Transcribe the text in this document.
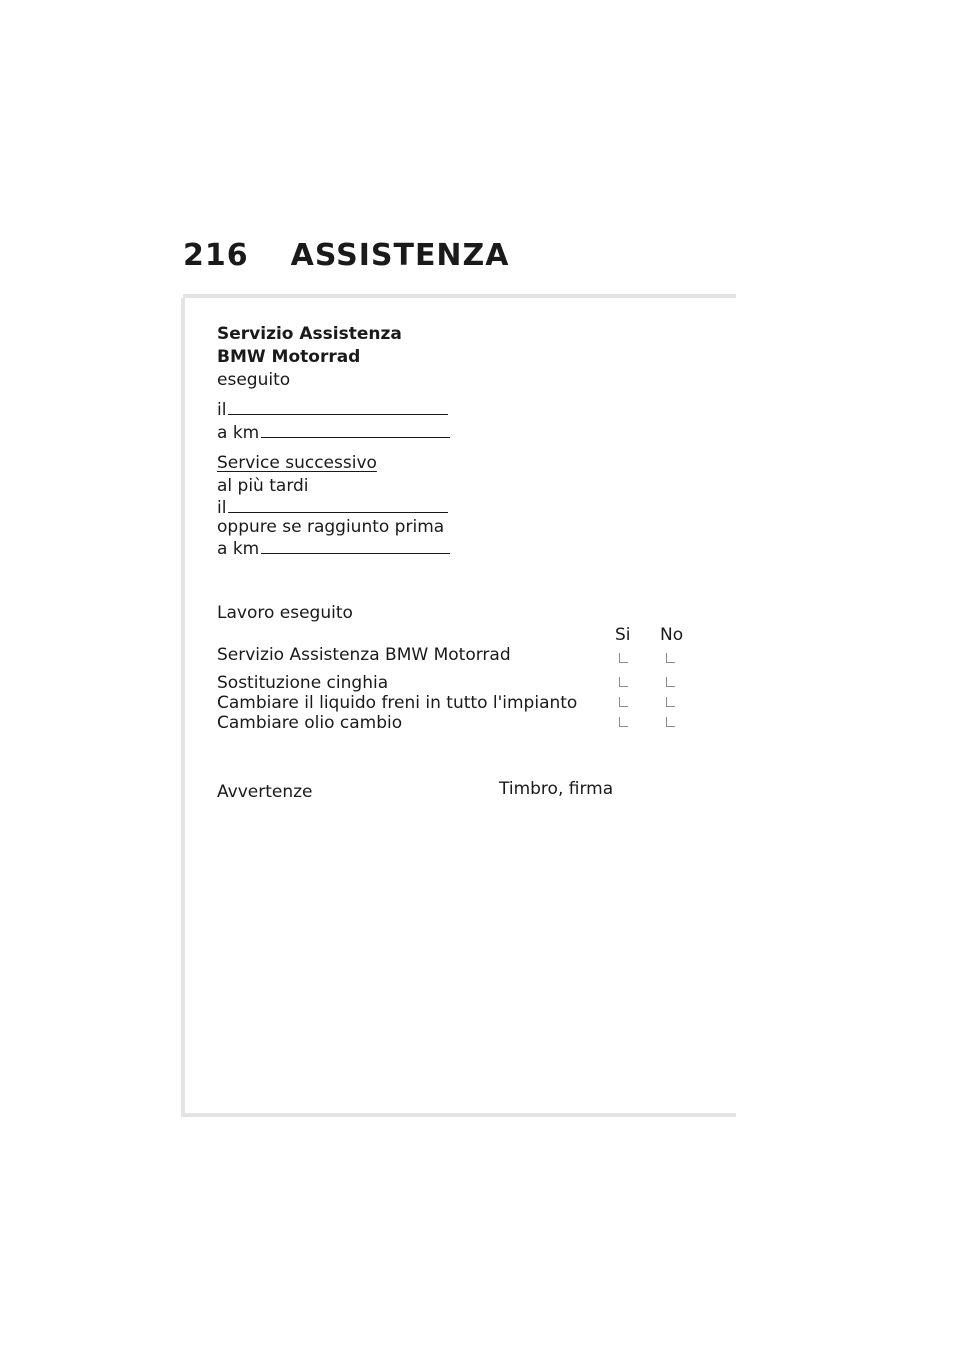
216 ASSISTENZA
Servizio Assistenza
BMW Motorrad
eseguito
il
a km
Service successivo
al più tardi
il
oppure se raggiunto prima
a km
Lavoro eseguito
Si No
Servizio Assistenza BMW Motorrad
Sostituzione cinghia
Cambiare il liquido freni in tutto l'impianto
Cambiare olio cambio
Avvertenze	Timbro, firma
